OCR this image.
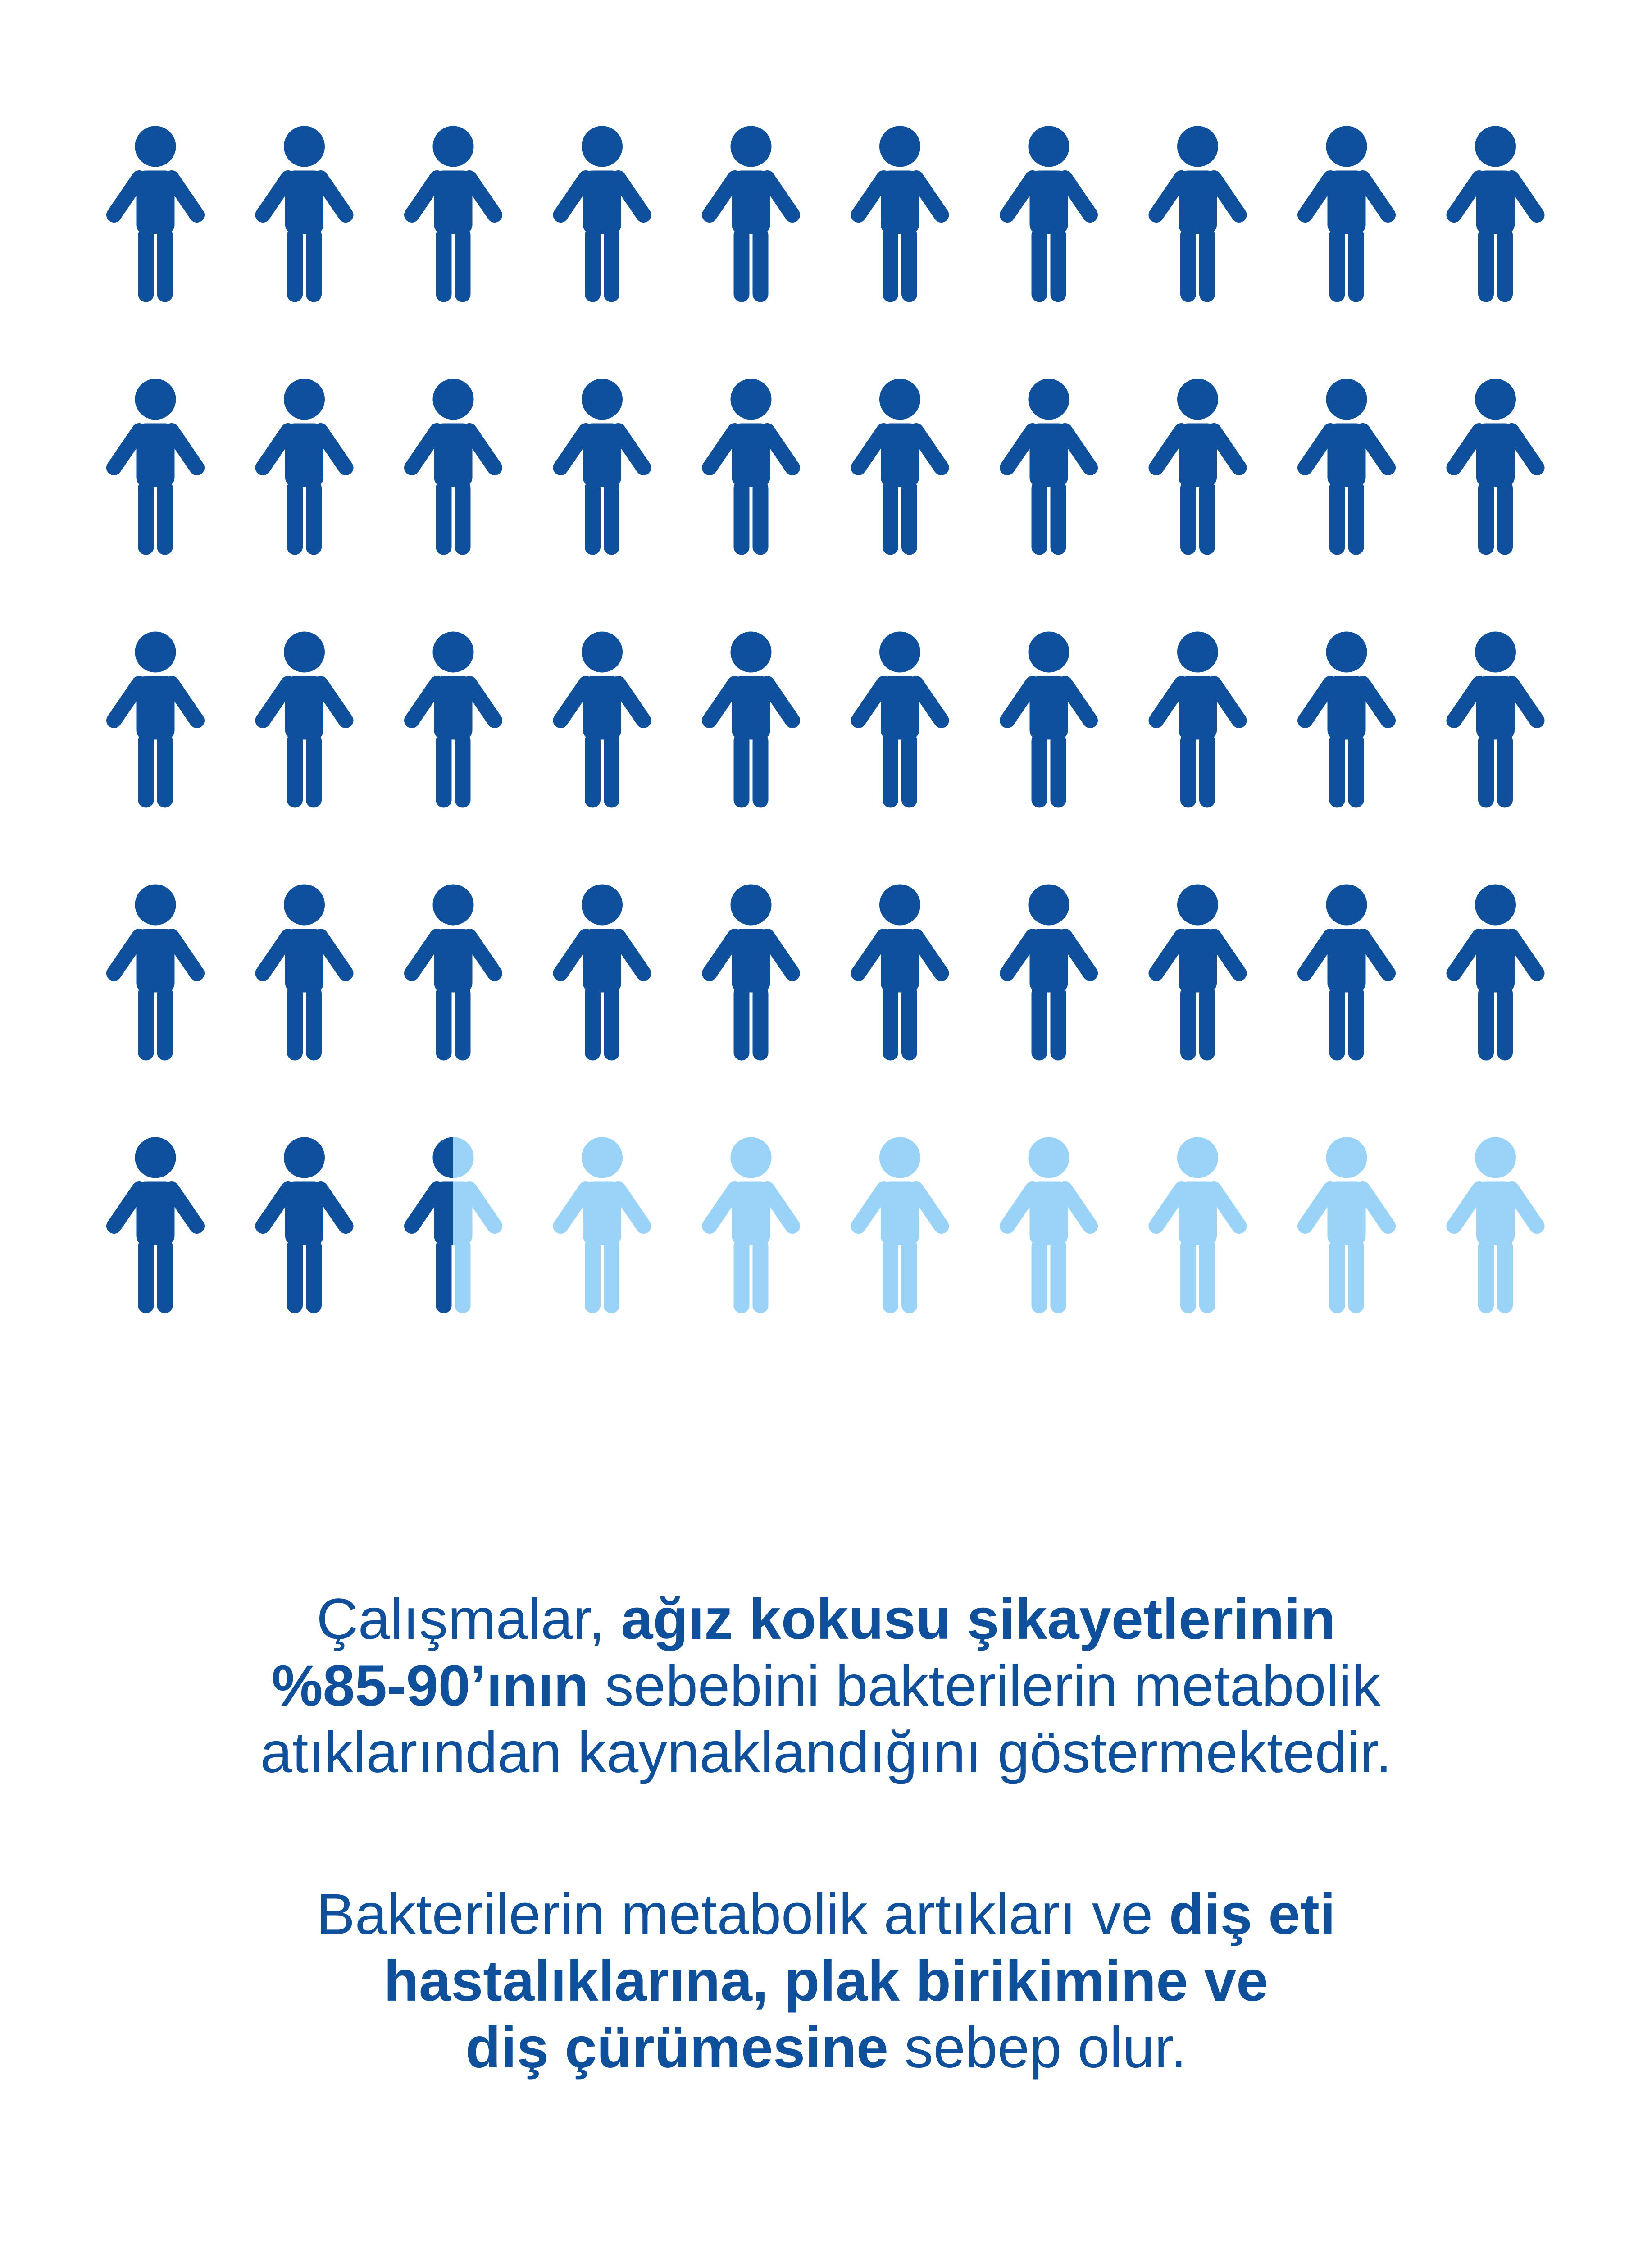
Çalışmalar, ağız kokusu şikayetlerinin
%85-90’ının sebebini bakterilerin metabolik
atıklarından kaynaklandığını göstermektedir.
Bakterilerin metabolik artıkları ve diş eti
hastalıklarına, plak birikimine ve
diş çürümesine sebep olur.
